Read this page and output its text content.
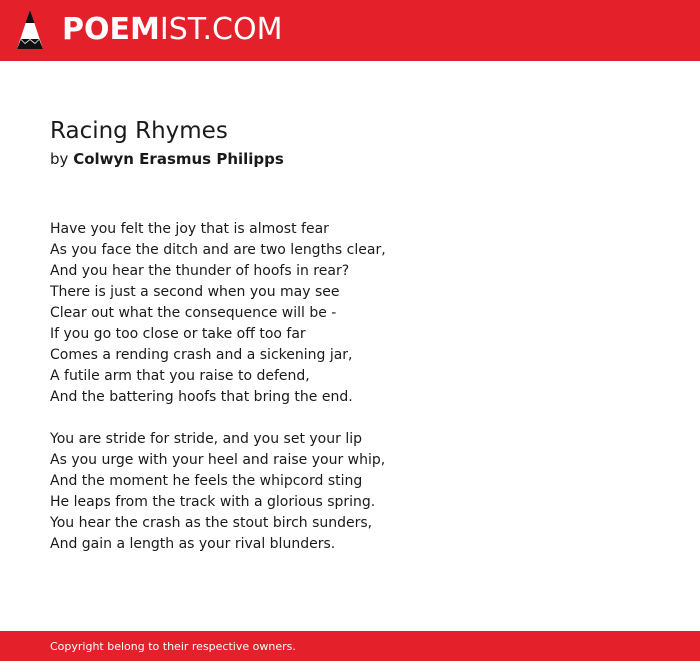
POEMIST.COM
Racing Rhymes
by Colwyn Erasmus Philipps
Have you felt the joy that is almost fear
As you face the ditch and are two lengths clear,
And you hear the thunder of hoofs in rear?
There is just a second when you may see
Clear out what the consequence will be -
If you go too close or take off too far
Comes a rending crash and a sickening jar,
A futile arm that you raise to defend,
And the battering hoofs that bring the end.
You are stride for stride, and you set your lip
As you urge with your heel and raise your whip,
And the moment he feels the whipcord sting
He leaps from the track with a glorious spring.
You hear the crash as the stout birch sunders,
And gain a length as your rival blunders.
Copyright belong to their respective owners.
